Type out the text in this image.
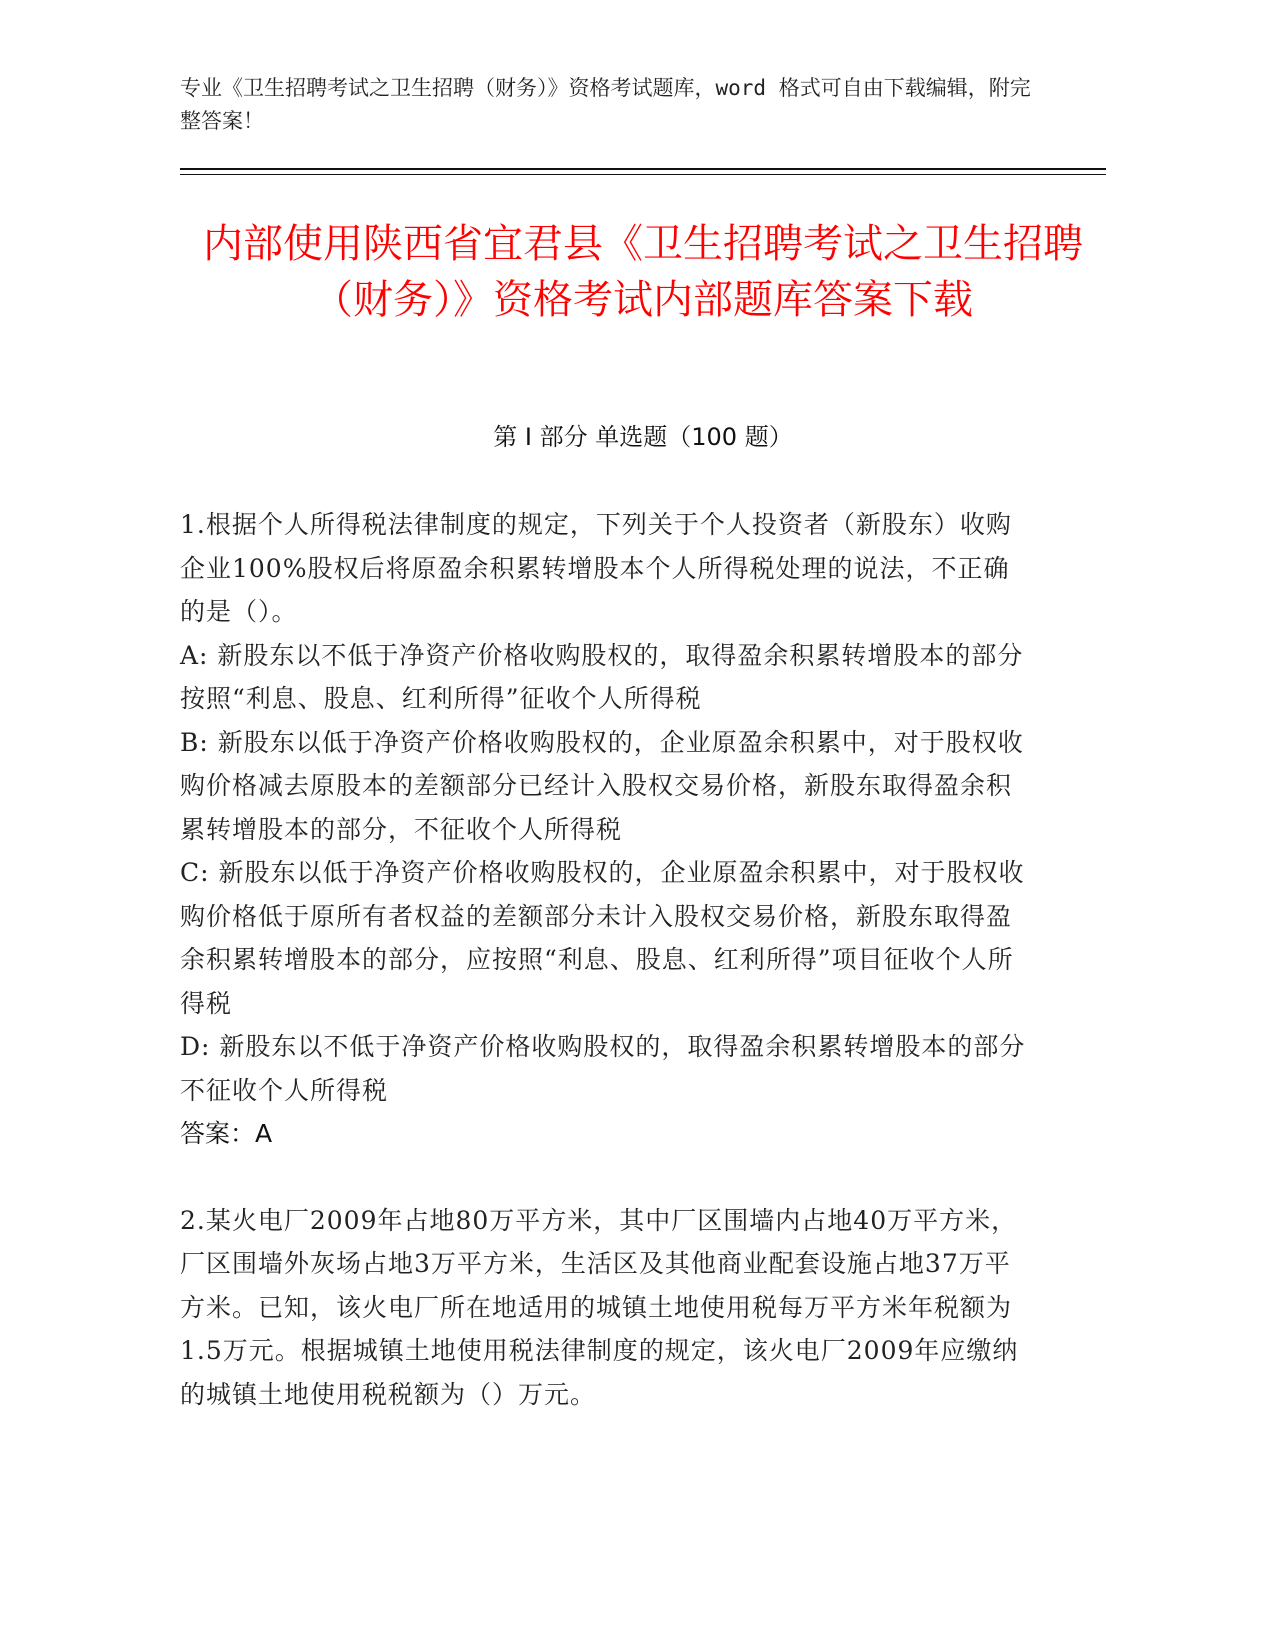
专业《卫生招聘考试之卫生招聘（财务）》资格考试题库，word 格式可自由下载编辑，附完整答案！
内部使用陕西省宜君县《卫生招聘考试之卫生招聘（财务）》资格考试内部题库答案下载
第 I 部分 单选题（100 题）

1.根据个人所得税法律制度的规定，下列关于个人投资者（新股东）收购企业100%股权后将原盈余积累转增股本个人所得税处理的说法，不正确的是（）。

A: 新股东以不低于净资产价格收购股权的，取得盈余积累转增股本的部分按照“利息、股息、红利所得”征收个人所得税

B: 新股东以低于净资产价格收购股权的，企业原盈余积累中，对于股权收购价格减去原股本的差额部分已经计入股权交易价格，新股东取得盈余积累转增股本的部分，不征收个人所得税

C: 新股东以低于净资产价格收购股权的，企业原盈余积累中，对于股权收购价格低于原所有者权益的差额部分未计入股权交易价格，新股东取得盈余积累转增股本的部分，应按照“利息、股息、红利所得”项目征收个人所得税

D: 新股东以不低于净资产价格收购股权的，取得盈余积累转增股本的部分不征收个人所得税

答案：A

2.某火电厂2009年占地80万平方米，其中厂区围墙内占地40万平方米，厂区围墙外灰场占地3万平方米，生活区及其他商业配套设施占地37万平方米。已知，该火电厂所在地适用的城镇土地使用税每万平方米年税额为1.5万元。根据城镇土地使用税法律制度的规定，该火电厂2009年应缴纳的城镇土地使用税税额为（）万元。
